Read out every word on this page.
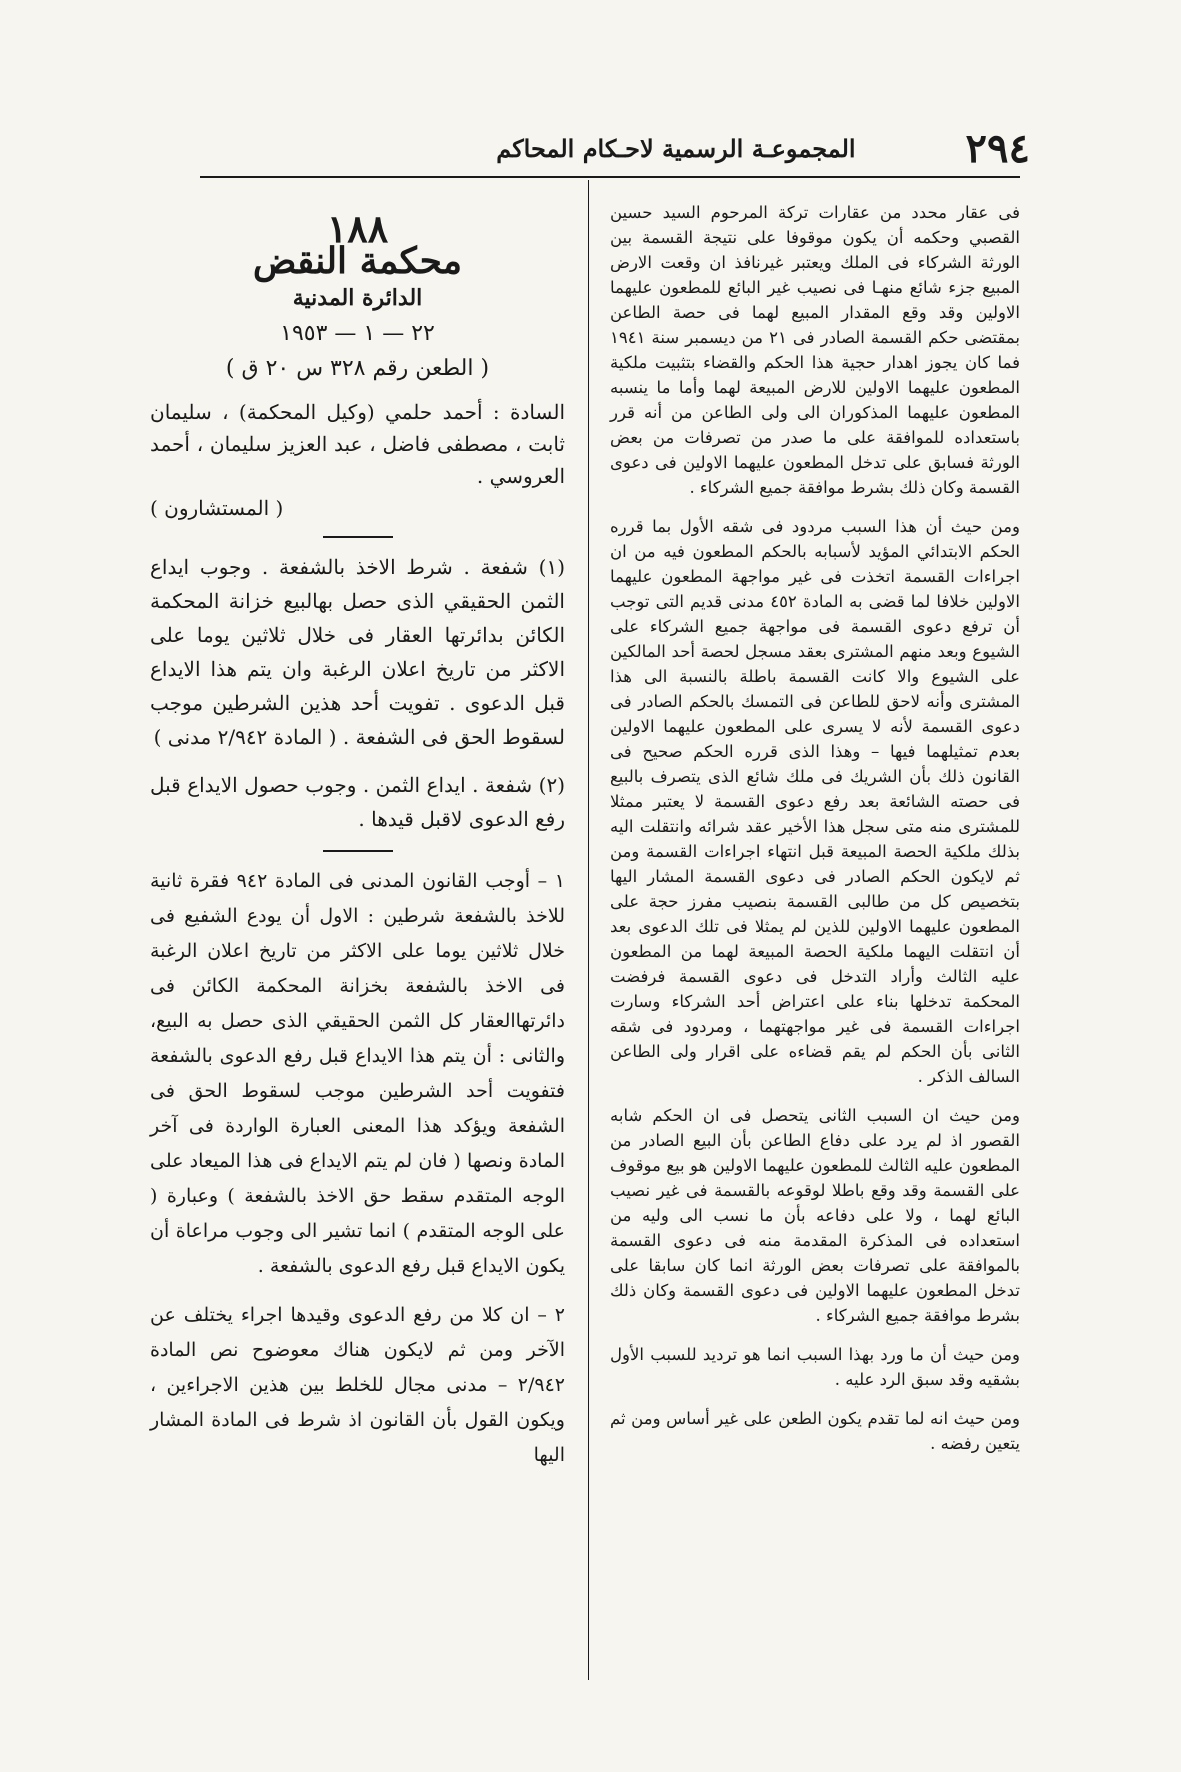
٢٩٤
المجموعـة الرسمية لاحـكام المحاكم

فى عقار محدد من عقارات تركة المرحوم السيد حسين القصبي وحكمه أن يكون موقوفا على نتيجة القسمة بين الورثة الشركاء فى الملك ويعتبر غيرنافذ ان وقعت الارض المبيع جزء شائع منهـا فى نصيب غير البائع للمطعون عليهما الاولين وقد وقع المقدار المبيع لهما فى حصة الطاعن بمقتضى حكم القسمة الصادر فى ٢١ من ديسمبر سنة ١٩٤١ فما كان يجوز اهدار حجية هذا الحكم والقضاء بتثبيت ملكية المطعون عليهما الاولين للارض المبيعة لهما وأما ما ينسبه المطعون عليهما المذكوران الى ولى الطاعن من أنه قرر باستعداده للموافقة على ما صدر من تصرفات من بعض الورثة فسابق على تدخل المطعون عليهما الاولين فى دعوى القسمة وكان ذلك بشرط موافقة جميع الشركاء .

ومن حيث أن هذا السبب مردود فى شقه الأول بما قرره الحكم الابتدائي المؤيد لأسبابه بالحكم المطعون فيه من ان اجراءات القسمة اتخذت فى غير مواجهة المطعون عليهما الاولين خلافا لما قضى به المادة ٤٥٢ مدنى قديم التى توجب أن ترفع دعوى القسمة فى مواجهة جميع الشركاء على الشيوع وبعد منهم المشترى بعقد مسجل لحصة أحد المالكين على الشيوع والا كانت القسمة باطلة بالنسبة الى هذا المشترى وأنه لاحق للطاعن فى التمسك بالحكم الصادر فى دعوى القسمة لأنه لا يسرى على المطعون عليهما الاولين بعدم تمثيلهما فيها – وهذا الذى قرره الحكم صحيح فى القانون ذلك بأن الشريك فى ملك شائع الذى يتصرف بالبيع فى حصته الشائعة بعد رفع دعوى القسمة لا يعتبر ممثلا للمشترى منه متى سجل هذا الأخير عقد شرائه وانتقلت اليه بذلك ملكية الحصة المبيعة قبل انتهاء اجراءات القسمة ومن ثم لايكون الحكم الصادر فى دعوى القسمة المشار اليها بتخصيص كل من طالبى القسمة بنصيب مفرز حجة على المطعون عليهما الاولين للذين لم يمثلا فى تلك الدعوى بعد أن انتقلت اليهما ملكية الحصة المبيعة لهما من المطعون عليه الثالث وأراد التدخل فى دعوى القسمة فرفضت المحكمة تدخلها بناء على اعتراض أحد الشركاء وسارت اجراءات القسمة فى غير مواجهتهما ، ومردود فى شقه الثانى بأن الحكم لم يقم قضاءه على اقرار ولى الطاعن السالف الذكر .

ومن حيث ان السبب الثانى يتحصل فى ان الحكم شابه القصور اذ لم يرد على دفاع الطاعن بأن البيع الصادر من المطعون عليه الثالث للمطعون عليهما الاولين هو بيع موقوف على القسمة وقد وقع باطلا لوقوعه بالقسمة فى غير نصيب البائع لهما ، ولا على دفاعه بأن ما نسب الى وليه من استعداده فى المذكرة المقدمة منه فى دعوى القسمة بالموافقة على تصرفات بعض الورثة انما كان سابقا على تدخل المطعون عليهما الاولين فى دعوى القسمة وكان ذلك بشرط موافقة جميع الشركاء .

ومن حيث أن ما ورد بهذا السبب انما هو ترديد للسبب الأول بشقيه وقد سبق الرد عليه .

ومن حيث انه لما تقدم يكون الطعن على غير أساس ومن ثم يتعين رفضه .

١٨٨
محكمة النقض
الدائرة المدنية
٢٢ — ١ — ١٩٥٣
( الطعن رقم ٣٢٨ س ٢٠ ق )
السادة : أحمد حلمي (وكيل المحكمة) ، سليمان ثابت ، مصطفى فاضل ، عبد العزيز سليمان ، أحمد العروسي .
( المستشارون )

(١) شفعة . شرط الاخذ بالشفعة . وجوب ايداع الثمن الحقيقي الذى حصل بهالبيع خزانة المحكمة الكائن بدائرتها العقار فى خلال ثلاثين يوما على الاكثر من تاريخ اعلان الرغبة وان يتم هذا الايداع قبل الدعوى . تفويت أحد هذين الشرطين موجب لسقوط الحق فى الشفعة . ( المادة ٢/٩٤٢ مدنى )

(٢) شفعة . ايداع الثمن . وجوب حصول الايداع قبل رفع الدعوى لاقبل قيدها .

١ – أوجب القانون المدنى فى المادة ٩٤٢ فقرة ثانية للاخذ بالشفعة شرطين : الاول أن يودع الشفيع فى خلال ثلاثين يوما على الاكثر من تاريخ اعلان الرغبة فى الاخذ بالشفعة بخزانة المحكمة الكائن فى دائرتهاالعقار كل الثمن الحقيقي الذى حصل به البيع، والثانى : أن يتم هذا الايداع قبل رفع الدعوى بالشفعة فتفويت أحد الشرطين موجب لسقوط الحق فى الشفعة ويؤكد هذا المعنى العبارة الواردة فى آخر المادة ونصها ( فان لم يتم الايداع فى هذا الميعاد على الوجه المتقدم سقط حق الاخذ بالشفعة ) وعبارة ( على الوجه المتقدم ) انما تشير الى وجوب مراعاة أن يكون الايداع قبل رفع الدعوى بالشفعة .

٢ – ان كلا من رفع الدعوى وقيدها اجراء يختلف عن الآخر ومن ثم لايكون هناك معوضوح نص المادة ٢/٩٤٢ – مدنى مجال للخلط بين هذين الاجراءين ، ويكون القول بأن القانون اذ شرط فى المادة المشار اليها
